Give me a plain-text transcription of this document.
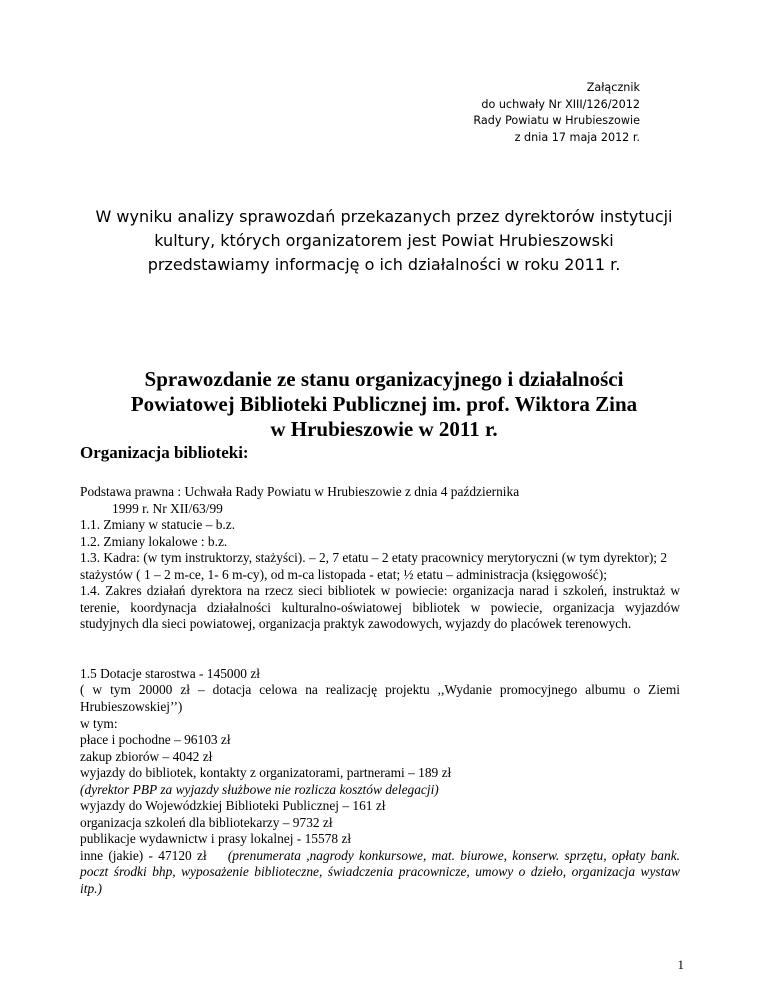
Załącznik
do uchwały Nr XIII/126/2012
Rady Powiatu w Hrubieszowie
z dnia 17 maja 2012 r.
W wyniku analizy sprawozdań przekazanych przez dyrektorów instytucji
kultury, których organizatorem jest Powiat Hrubieszowski
przedstawiamy informację o ich działalności w roku 2011 r.
Sprawozdanie ze stanu organizacyjnego i działalności
Powiatowej Biblioteki Publicznej im. prof. Wiktora Zina
w Hrubieszowie w 2011 r.
Organizacja biblioteki:

Podstawa prawna : Uchwała Rady Powiatu w Hrubieszowie z dnia 4 października

1999 r. Nr XII/63/99

1.1. Zmiany w statucie – b.z.

1.2. Zmiany lokalowe : b.z.

1.3. Kadra: (w tym instruktorzy, stażyści). – 2, 7 etatu – 2 etaty pracownicy merytoryczni (w tym dyrektor); 2 stażystów ( 1 – 2 m-ce, 1- 6 m-cy), od m-ca listopada - etat; ½ etatu – administracja (księgowość);

1.4. Zakres działań dyrektora na rzecz sieci bibliotek w powiecie: organizacja narad i szkoleń, instruktaż w terenie, koordynacja działalności kulturalno-oświatowej bibliotek w powiecie, organizacja wyjazdów studyjnych dla sieci powiatowej, organizacja praktyk zawodowych, wyjazdy do placówek terenowych.

1.5 Dotacje starostwa - 145000 zł

( w tym 20000 zł – dotacja celowa na realizację projektu ,,Wydanie promocyjnego albumu o Ziemi Hrubieszowskiej’’)

w tym:

płace i pochodne – 96103 zł

zakup zbiorów – 4042 zł

wyjazdy do bibliotek, kontakty z organizatorami, partnerami – 189 zł

(dyrektor PBP za wyjazdy służbowe nie rozlicza kosztów delegacji)

wyjazdy do Wojewódzkiej Biblioteki Publicznej – 161 zł

organizacja szkoleń dla bibliotekarzy – 9732 zł

publikacje wydawnictw i prasy lokalnej - 15578 zł

inne (jakie) - 47120 zł (prenumerata ,nagrody konkursowe, mat. biurowe, konserw. sprzętu, opłaty bank. poczt środki bhp, wyposażenie biblioteczne, świadczenia pracownicze, umowy o dzieło, organizacja wystaw itp.)

1
